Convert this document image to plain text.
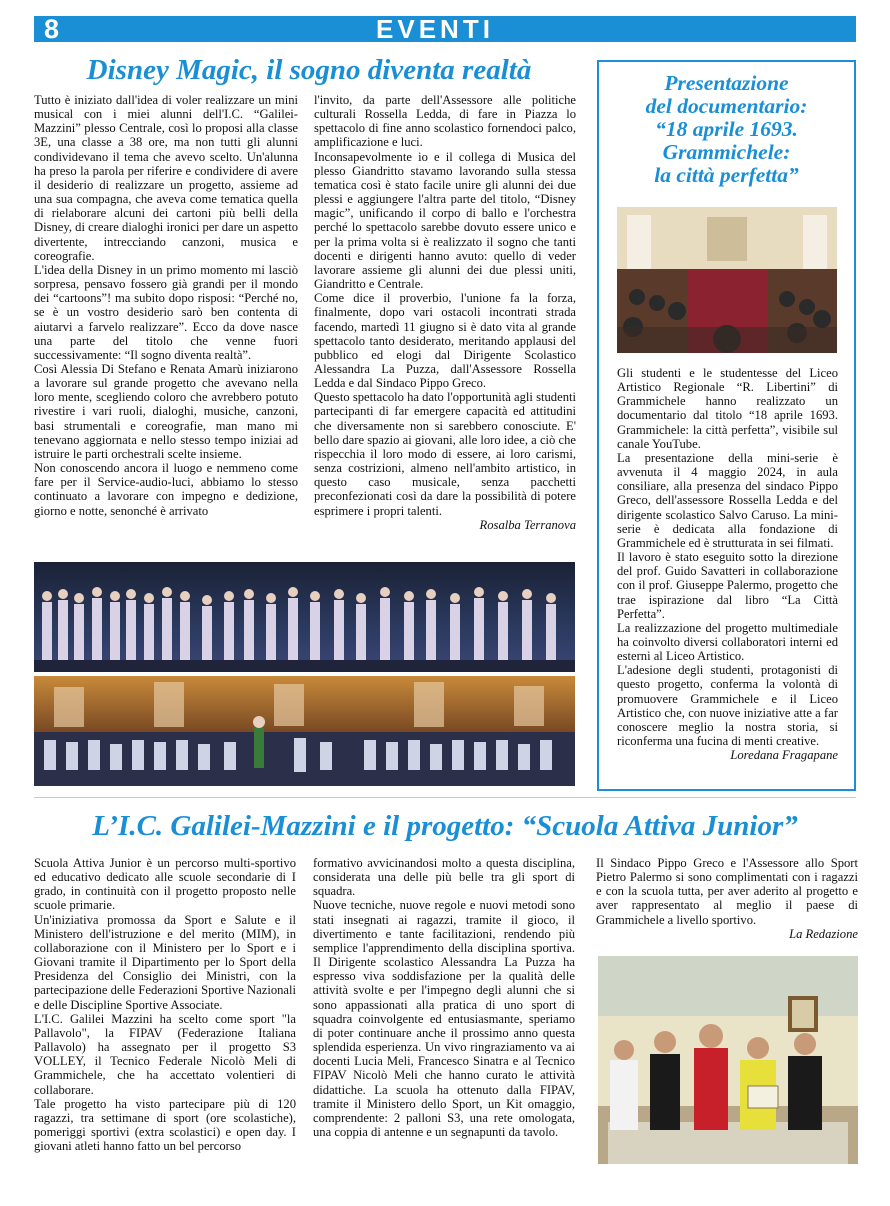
8	EVENTI
Disney Magic, il sogno diventa realtà

Tutto è iniziato dall'idea di voler realizzare un mini musical con i miei alunni dell'I.C. “Galilei-Mazzini” plesso Centrale, così lo proposi alla classe 3E, una classe a 38 ore, ma non tutti gli alunni condividevano il tema che avevo scelto. Un'alunna ha preso la parola per riferire e condividere di avere il desiderio di realizzare un progetto, assieme ad una sua compagna, che aveva come tematica quella di rielaborare alcuni dei cartoni più belli della Disney, di creare dialoghi ironici per dare un aspetto divertente, intrecciando canzoni, musica e coreografie.

L'idea della Disney in un primo momento mi lasciò sorpresa, pensavo fossero già grandi per il mondo dei “cartoons”! ma subito dopo risposi: “Perché no, se è un vostro desiderio sarò ben contenta di aiutarvi a farvelo realizzare”. Ecco da dove nasce una parte del titolo che venne fuori successivamente: “Il sogno diventa realtà”.

Così Alessia Di Stefano e Renata Amarù iniziarono a lavorare sul grande progetto che avevano nella loro mente, scegliendo coloro che avrebbero potuto rivestire i vari ruoli, dialoghi, musiche, canzoni, basi strumentali e coreografie, man mano mi tenevano aggiornata e nello stesso tempo iniziai ad istruire le parti orchestrali scelte insieme.

Non conoscendo ancora il luogo e nemmeno come fare per il Service-audio-luci, abbiamo lo stesso continuato a lavorare con impegno e dedizione, giorno e notte, senonché è arrivato

l'invito, da parte dell'Assessore alle politiche culturali Rossella Ledda, di fare in Piazza lo spettacolo di fine anno scolastico fornendoci palco, amplificazione e luci.

Inconsapevolmente io e il collega di Musica del plesso Giandritto stavamo lavorando sulla stessa tematica così è stato facile unire gli alunni dei due plessi e aggiungere l'altra parte del titolo, “Disney magic”, unificando il corpo di ballo e l'orchestra perché lo spettacolo sarebbe dovuto essere unico e per la prima volta si è realizzato il sogno che tanti docenti e dirigenti hanno avuto: quello di veder lavorare assieme gli alunni dei due plessi uniti, Giandritto e Centrale.

Come dice il proverbio, l'unione fa la forza, finalmente, dopo vari ostacoli incontrati strada facendo, martedì 11 giugno si è dato vita al grande spettacolo tanto desiderato, meritando applausi del pubblico ed elogi dal Dirigente Scolastico Alessandra La Puzza, dall'Assessore Rossella Ledda e dal Sindaco Pippo Greco.

Questo spettacolo ha dato l'opportunità agli studenti partecipanti di far emergere capacità ed attitudini che diversamente non si sarebbero conosciute. E' bello dare spazio ai giovani, alle loro idee, a ciò che rispecchia il loro modo di essere, ai loro carismi, senza costrizioni, almeno nell'ambito artistico, in questo caso musicale, senza pacchetti preconfezionati così da dare la possibilità di potere esprimere i propri talenti.

Rosalba Terranova

Presentazione
del documentario:
“18 aprile 1693.
Grammichele:
la città perfetta”

Gli studenti e le studentesse del Liceo Artistico Regionale “R. Libertini” di Grammichele hanno realizzato un documentario dal titolo “18 aprile 1693. Grammichele: la città perfetta”, visibile sul canale YouTube.

La presentazione della mini-serie è avvenuta il 4 maggio 2024, in aula consiliare, alla presenza del sindaco Pippo Greco, dell'assessore Rossella Ledda e del dirigente scolastico Salvo Caruso. La mini-serie è dedicata alla fondazione di Grammichele ed è strutturata in sei filmati.

Il lavoro è stato eseguito sotto la direzione del prof. Guido Savatteri in collaborazione con il prof. Giuseppe Palermo, progetto che trae ispirazione dal libro “La Città Perfetta”.

La realizzazione del progetto multimediale ha coinvolto diversi collaboratori interni ed esterni al Liceo Artistico.

L'adesione degli studenti, protagonisti di questo progetto, conferma la volontà di promuovere Grammichele e il Liceo Artistico che, con nuove iniziative atte a far conoscere meglio la nostra storia, si riconferma una fucina di menti creative.

Loredana Fragapane

L’I.C. Galilei-Mazzini e il progetto: “Scuola Attiva Junior”

Scuola Attiva Junior è un percorso multi-sportivo ed educativo dedicato alle scuole secondarie di I grado, in continuità con il progetto proposto nelle scuole primarie.

Un'iniziativa promossa da Sport e Salute e il Ministero dell'istruzione e del merito (MIM), in collaborazione con il Ministero per lo Sport e i Giovani tramite il Dipartimento per lo Sport della Presidenza del Consiglio dei Ministri, con la partecipazione delle Federazioni Sportive Nazionali e delle Discipline Sportive Associate.

L'I.C. Galilei Mazzini ha scelto come sport "la Pallavolo", la FIPAV (Federazione Italiana Pallavolo) ha assegnato per il progetto S3 VOLLEY, il Tecnico Federale Nicolò Meli di Grammichele, che ha accettato volentieri di collaborare.

Tale progetto ha visto partecipare più di 120 ragazzi, tra settimane di sport (ore scolastiche), pomeriggi sportivi (extra scolastici) e open day. I giovani atleti hanno fatto un bel percorso

formativo avvicinandosi molto a questa disciplina, considerata una delle più belle tra gli sport di squadra.

Nuove tecniche, nuove regole e nuovi metodi sono stati insegnati ai ragazzi, tramite il gioco, il divertimento e tante facilitazioni, rendendo più semplice l'apprendimento della disciplina sportiva. Il Dirigente scolastico Alessandra La Puzza ha espresso viva soddisfazione per la qualità delle attività svolte e per l'impegno degli alunni che si sono appassionati alla pratica di uno sport di squadra coinvolgente ed entusiasmante, speriamo di poter continuare anche il prossimo anno questa splendida esperienza. Un vivo ringraziamento va ai docenti Lucia Meli, Francesco Sinatra e al Tecnico FIPAV Nicolò Meli che hanno curato le attività didattiche. La scuola ha ottenuto dalla FIPAV, tramite il Ministero dello Sport, un Kit omaggio, comprendente: 2 palloni S3, una rete omologata, una coppia di antenne e un segnapunti da tavolo.

Il Sindaco Pippo Greco e l'Assessore allo Sport Pietro Palermo si sono complimentati con i ragazzi e con la scuola tutta, per aver aderito al progetto e aver rappresentato al meglio il paese di Grammichele a livello sportivo.

La Redazione
